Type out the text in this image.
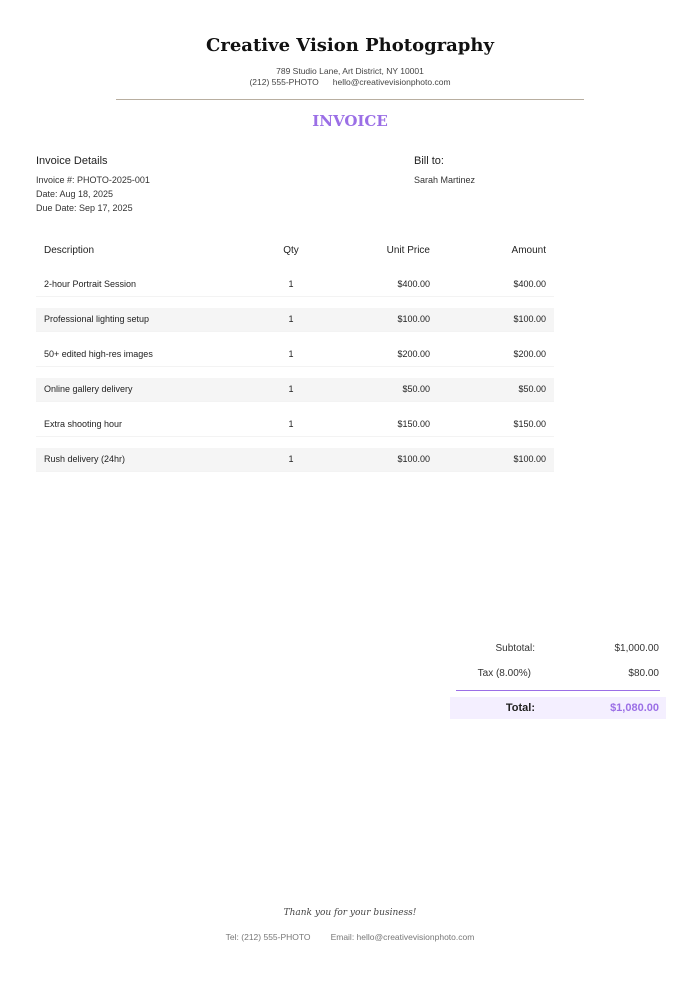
Creative Vision Photography
789 Studio Lane, Art District, NY 10001
(212) 555-PHOTO hello@creativevisionphoto.com
INVOICE
Invoice Details
Invoice #: PHOTO-2025-001
Date: Aug 18, 2025
Due Date: Sep 17, 2025
Bill to:
Sarah Martinez
Description	Qty	Unit Price	Amount

2-hour Portrait Session	1	$400.00	$400.00

Professional lighting setup	1	$100.00	$100.00

50+ edited high-res images	1	$200.00	$200.00

Online gallery delivery	1	$50.00	$50.00

Extra shooting hour	1	$150.00	$150.00

Rush delivery (24hr)	1	$100.00	$100.00
Subtotal:	$1,000.00
Tax (8.00%)	$80.00
Total:	$1,080.00
Thank you for your business!
Tel: (212) 555-PHOTO Email: hello@creativevisionphoto.com
